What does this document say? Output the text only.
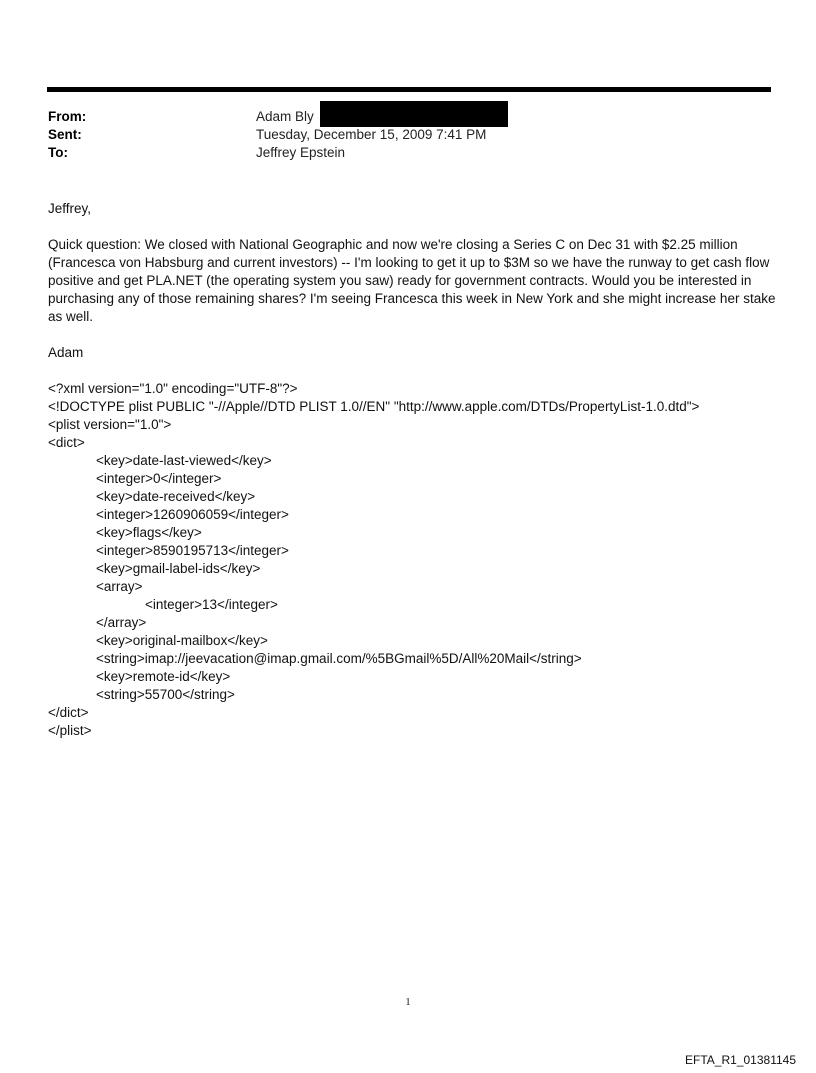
From:	Adam Bly
Sent:	Tuesday, December 15, 2009 7:41 PM
To:	Jeffrey Epstein

Jeffrey,

Quick question: We closed with National Geographic and now we're closing a Series C on Dec 31 with $2.25 million (Francesca von Habsburg and current investors) -- I'm looking to get it up to $3M so we have the runway to get cash flow positive and get PLA.NET (the operating system you saw) ready for government contracts. Would you be interested in purchasing any of those remaining shares? I'm seeing Francesca this week in New York and she might increase her stake as well.

Adam

<?xml version="1.0" encoding="UTF-8"?>
<!DOCTYPE plist PUBLIC "-//Apple//DTD PLIST 1.0//EN" "http://www.apple.com/DTDs/PropertyList-1.0.dtd">
<plist version="1.0">
<dict>
<key>date-last-viewed</key>
<integer>0</integer>
<key>date-received</key>
<integer>1260906059</integer>
<key>flags</key>
<integer>8590195713</integer>
<key>gmail-label-ids</key>
<array>
<integer>13</integer>
</array>
<key>original-mailbox</key>
<string>imap://jeevacation@imap.gmail.com/%5BGmail%5D/All%20Mail</string>
<key>remote-id</key>
<string>55700</string>
</dict>
</plist>
1
EFTA_R1_01381145
